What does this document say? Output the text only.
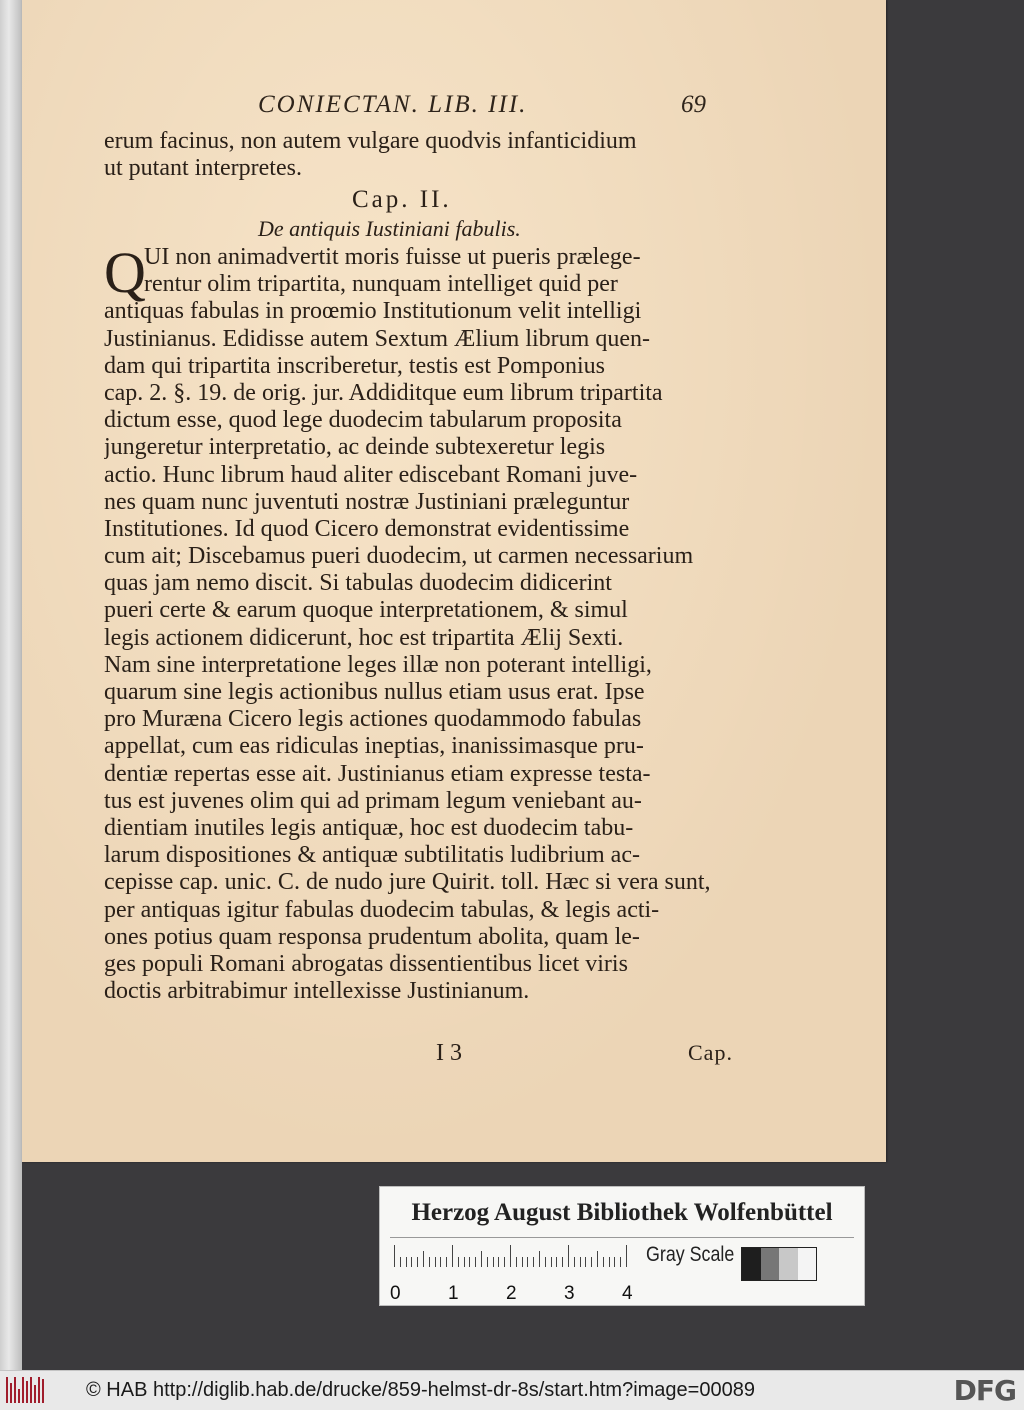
CONIECTAN. LIB. III.	69
erum facinus, non autem vulgare quodvis infanticidium
ut putant interpretes.
Cap. II.
De antiquis Iustiniani fabulis.
Q
UI non animadvertit moris fuisse ut pueris prælege-
rentur olim tripartita, nunquam intelliget quid per
antiquas fabulas in proœmio Institutionum velit intelligi
Justinianus. Edidisse autem Sextum Ælium librum quen-
dam qui tripartita inscriberetur, testis est Pomponius
cap. 2. §. 19. de orig. jur. Addiditque eum librum tripartita
dictum esse, quod lege duodecim tabularum proposita
jungeretur interpretatio, ac deinde subtexeretur legis
actio. Hunc librum haud aliter ediscebant Romani juve-
nes quam nunc juventuti nostræ Justiniani præleguntur
Institutiones. Id quod Cicero demonstrat evidentissime
cum ait; Discebamus pueri duodecim, ut carmen necessarium
quas jam nemo discit. Si tabulas duodecim didicerint
pueri certe & earum quoque interpretationem, & simul
legis actionem didicerunt, hoc est tripartita Ælij Sexti.
Nam sine interpretatione leges illæ non poterant intelligi,
quarum sine legis actionibus nullus etiam usus erat. Ipse
pro Muræna Cicero legis actiones quodammodo fabulas
appellat, cum eas ridiculas ineptias, inanissimasque pru-
dentiæ repertas esse ait. Justinianus etiam expresse testa-
tus est juvenes olim qui ad primam legum veniebant au-
dientiam inutiles legis antiquæ, hoc est duodecim tabu-
larum dispositiones & antiquæ subtilitatis ludibrium ac-
cepisse cap. unic. C. de nudo jure Quirit. toll. Hæc si vera sunt,
per antiquas igitur fabulas duodecim tabulas, & legis acti-
ones potius quam responsa prudentum abolita, quam le-
ges populi Romani abrogatas dissentientibus licet viris
doctis arbitrabimur intellexisse Justinianum.
I 3	Cap.
Herzog August Bibliothek Wolfenbüttel
0 1 2 3 4
Gray Scale
© HAB http://diglib.hab.de/drucke/859-helmst-dr-8s/start.htm?image=00089	DFG
